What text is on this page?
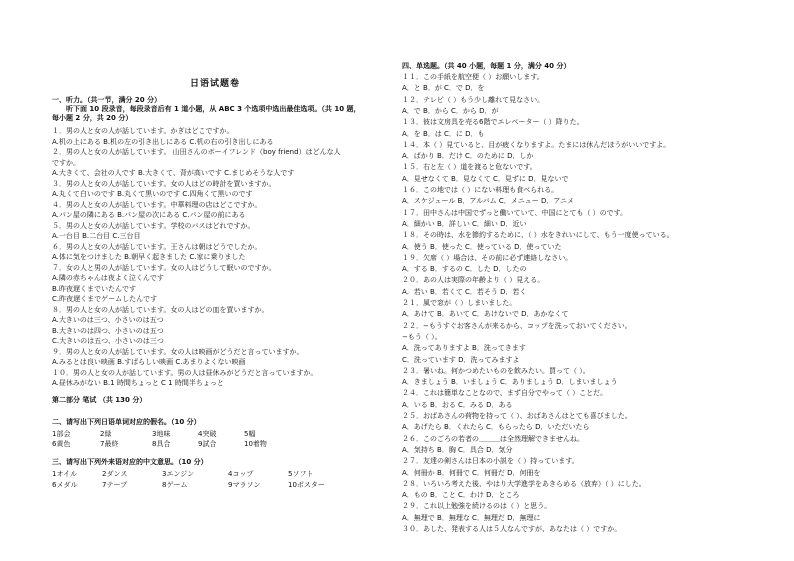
日语试题卷
一、听力。（共一节，满分 20 分）
听下面 10 段录音，每段录音后有 1 道小题，从 ABC 3 个选项中选出最佳选项。（共 10 题，
每小题 2 分，共 20 分）
１．男の人と女の人が話しています。かぎはどこですか。
A.机の上にある B.机の左の引き出しにある C.机の右の引き出しにある
２．男の人と女の人が話しています。 山田さんのボーイフレンド（boy friend）はどんな人
ですか。
A.大きくて、会社の人です B.大きくて、背が高いです C.まじめそうな人です
３．男の人と女の人が話しています。女の人はどの時計を買いますか。
A.丸くて白いのです B.丸くて黒いのです C.四角くて黒いのです
４．男の人と女の人が話しています。中華料理の店はどこですか。
A.パン屋の隣にある B.パン屋の次にある C.パン屋の前にある
５．男の人と女の人が話しています。学校のバスはどれですか。
A.一台目 B.二台目 C.三台目
６．男の人と女の人が話しています。王さんは朝はどうでしたか。
A.体に気をつけました B.朝早く起きました C.家に乗りました
７．女の人と男の人が話しています。女の人はどうして眠いのですか。
A.隣の赤ちゃんは夜よく泣くんです
B.昨夜遅くまでいたんです
C.昨夜遅くまでゲームしたんです
８．男の人と女の人が話しています。女の人はどの皿を買いますか。
A.大きいのは三つ、小さいのは五つ
B.大きいのは四つ、小さいのは五つ
C.大きいのは五つ、小さいのは三つ
９．男の人と女の人が話しています。女の人は映画がどうだと言っていますか。
A.みるとは良い映画 B.すばらしい映画 C.あまりよくない映画
１０．男の人と女の人が話しています。男の人は昼休みがどうだと言っていますか。
A.昼休みがない B.1 時間ちょっと C 1 時間半ちょっと
第二部分 笔试 （共 130 分）
二、请写出下列日语单词对应的假名。（10 分）
1部会	2緑	3地味	4突破	5幅
6黄色	7最終	8具合	9試合	10着物
三、请写出下列外来语对应的中文意思。（10 分）
1オイル	2ダンス	3エンジン	4コップ	5ソフト
6メダル	7テープ	8ゲーム	9マラソン	10ポスター
四、单选题。（共 40 小题，每题 1 分，满分 40 分）
１１．この手紙を航空便（ ）お願いします。
A．と B．が C．で D．を
１２．テレビ（ ）もう少し離れて見なさい。
A．で B．から C．から D．が
１３．彼は文房具を売る6階でエレベーター（ ）降りた。
A．を B．は C．に D．も
１４．本（ ）見ていると、目が疲くなりますよ。たまには休んだほうがいいですよ。
A．ばかり B．だけ C．のために D．しか
１５．右と左（ ）道を渡ると危ないです。
A．見せなくて B．見なくて C．見ずに D．見ないで
１６．この地では（ ）にない料理も食べられる。
A．スケジュール B．アルバム C．メニュー D．アニメ
１７．田中さんは中国でずっと働いていて、中国にとても（ ）のです。
A．細かい B．詳しい C．細い D．近い
１８．その時は、水を節約するために、（ ）水をきれいにして、もう一度使っている。
A．使う B．使った C．使っている D．使っていた
１９．欠席（ ）場合は、その前に必ず連絡しなさい。
A．する B．するの C．した D．したの
２０．あの人は実際の年齢より（ ）見える。
A．若い B．若くて C．若そう D．若く
２１．風で窓が（ ）しまいました。
A．あけて B．あいて C．あけないで D．あかなくて
２２．−もうすぐお客さんが来るから、コップを洗っておいてください。
−もう（ ）。
A．洗ってありますよ B．洗ってきます
C．洗っています D．洗ってみますよ
２３．暑いね。何かつめたいものを飲みたい。買って（ ）。
A．きましょう B．いましょう C．ありましょう D．しまいましょう
２４．これは簡単なことなので、まず自分でやって（ ）ことだ。
A．いる B．おる C．みる D．ある
２５．おばあさんの荷物を持って（ ）、おばあさんはとても喜びました。
A．あげたら B．くれたら C．もらったら D．いただいたら
２６．このごろの若者の＿＿＿は全然理解できませんね。
A．気持ち B．胸 C．具合 D．気分
２７．友達の剣さんは日本の小説を（ ）持っています。
A．何冊か B．何冊で C．何冊だ D．何冊を
２８．いろいろ考えた後、やはり大学進学をあきらめる（放弃）（ ）にした。
A．もの B．こと C．わけ D．ところ
２９．これ以上勉強を続けるのは（ ）と思う。
A．無理で B．無理な C．無理だ D．無理に
３０．あした、発表する人は５人なんですが、あなたは（ ）ですか。
